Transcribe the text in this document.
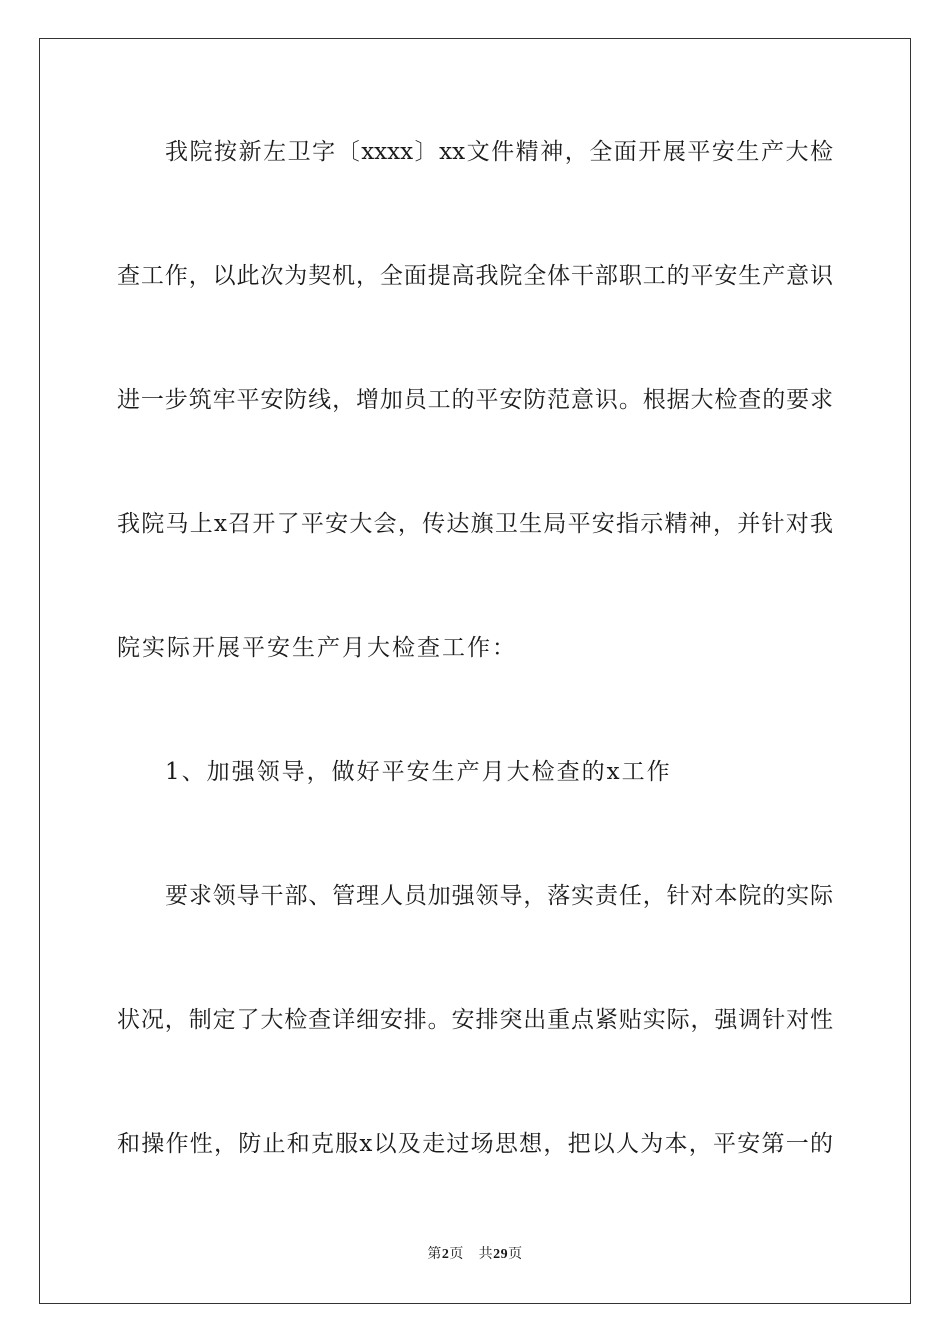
我院按新左卫字〔xxxx〕xx文件精神，全面开展平安生产大检
查工作，以此次为契机，全面提高我院全体干部职工的平安生产意识
进一步筑牢平安防线，增加员工的平安防范意识。根据大检查的要求
我院马上x召开了平安大会，传达旗卫生局平安指示精神，并针对我
院实际开展平安生产月大检查工作：
1、加强领导，做好平安生产月大检查的x工作
要求领导干部、管理人员加强领导，落实责任，针对本院的实际
状况，制定了大检查详细安排。安排突出重点紧贴实际，强调针对性
和操作性，防止和克服x以及走过场思想，把以人为本，平安第一的
第2页 共29页
